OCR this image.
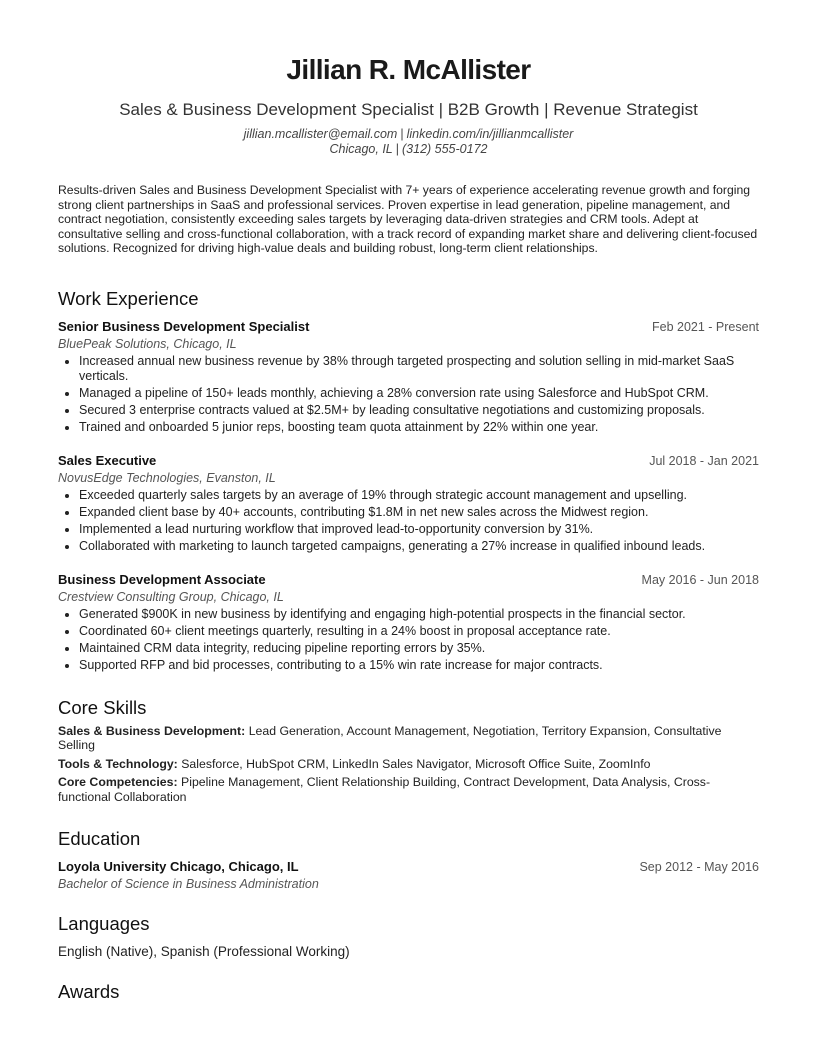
Jillian R. McAllister
Sales & Business Development Specialist | B2B Growth | Revenue Strategist
jillian.mcallister@email.com | linkedin.com/in/jillianmcallister
Chicago, IL | (312) 555-0172
Results-driven Sales and Business Development Specialist with 7+ years of experience accelerating revenue growth and forging strong client partnerships in SaaS and professional services. Proven expertise in lead generation, pipeline management, and contract negotiation, consistently exceeding sales targets by leveraging data-driven strategies and CRM tools. Adept at consultative selling and cross-functional collaboration, with a track record of expanding market share and delivering client-focused solutions. Recognized for driving high-value deals and building robust, long-term client relationships.
Work Experience
Senior Business Development Specialist	Feb 2021 - Present
BluePeak Solutions, Chicago, IL
• Increased annual new business revenue by 38% through targeted prospecting and solution selling in mid-market SaaS verticals.
• Managed a pipeline of 150+ leads monthly, achieving a 28% conversion rate using Salesforce and HubSpot CRM.
• Secured 3 enterprise contracts valued at $2.5M+ by leading consultative negotiations and customizing proposals.
• Trained and onboarded 5 junior reps, boosting team quota attainment by 22% within one year.
Sales Executive	Jul 2018 - Jan 2021
NovusEdge Technologies, Evanston, IL
• Exceeded quarterly sales targets by an average of 19% through strategic account management and upselling.
• Expanded client base by 40+ accounts, contributing $1.8M in net new sales across the Midwest region.
• Implemented a lead nurturing workflow that improved lead-to-opportunity conversion by 31%.
• Collaborated with marketing to launch targeted campaigns, generating a 27% increase in qualified inbound leads.
Business Development Associate	May 2016 - Jun 2018
Crestview Consulting Group, Chicago, IL
• Generated $900K in new business by identifying and engaging high-potential prospects in the financial sector.
• Coordinated 60+ client meetings quarterly, resulting in a 24% boost in proposal acceptance rate.
• Maintained CRM data integrity, reducing pipeline reporting errors by 35%.
• Supported RFP and bid processes, contributing to a 15% win rate increase for major contracts.
Core Skills
Sales & Business Development: Lead Generation, Account Management, Negotiation, Territory Expansion, Consultative Selling
Tools & Technology: Salesforce, HubSpot CRM, LinkedIn Sales Navigator, Microsoft Office Suite, ZoomInfo
Core Competencies: Pipeline Management, Client Relationship Building, Contract Development, Data Analysis, Cross-functional Collaboration
Education
Loyola University Chicago, Chicago, IL	Sep 2012 - May 2016
Bachelor of Science in Business Administration
Languages
English (Native), Spanish (Professional Working)
Awards
